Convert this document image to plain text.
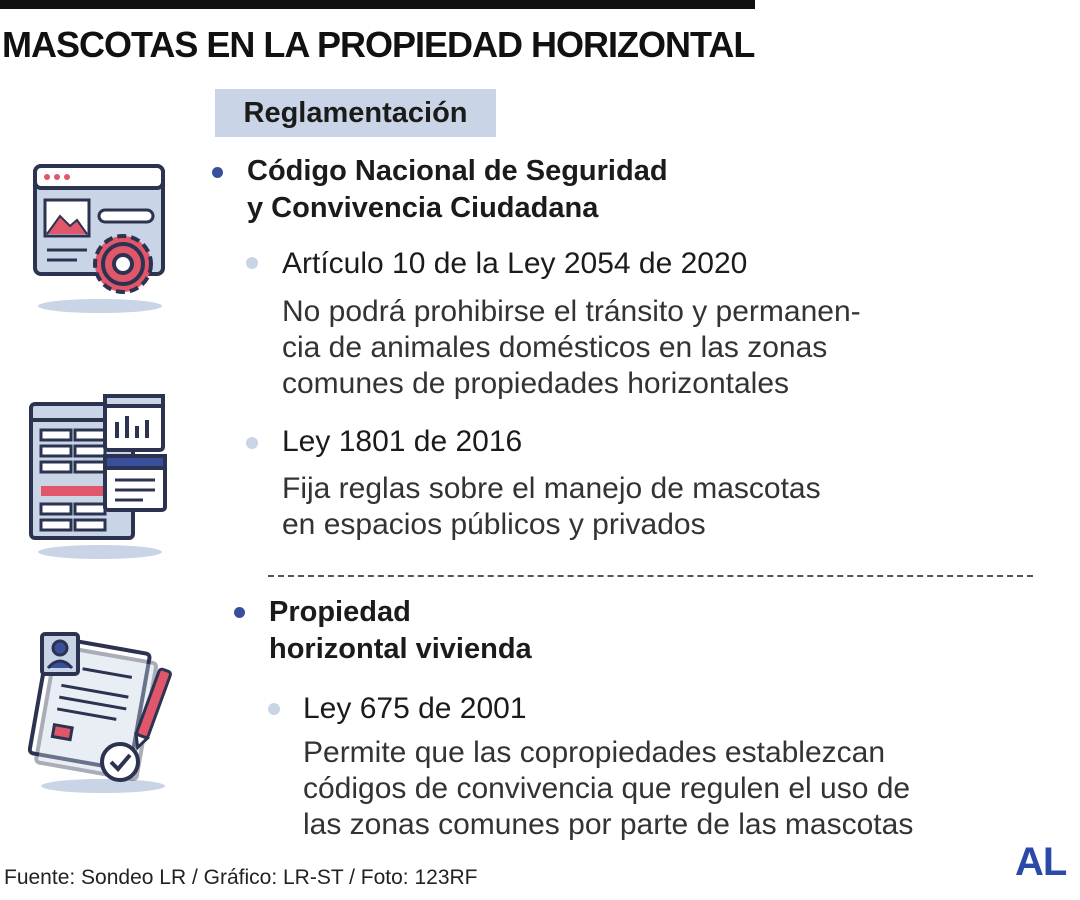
MASCOTAS EN LA PROPIEDAD HORIZONTAL
Reglamentación
Código Nacional de Seguridad
y Convivencia Ciudadana
Artículo 10 de la Ley 2054 de 2020
No podrá prohibirse el tránsito y permanen-
cia de animales domésticos en las zonas
comunes de propiedades horizontales
Ley 1801 de 2016
Fija reglas sobre el manejo de mascotas
en espacios públicos y privados
Propiedad
horizontal vivienda
Ley 675 de 2001
Permite que las copropiedades establezcan
códigos de convivencia que regulen el uso de
las zonas comunes por parte de las mascotas
Fuente: Sondeo LR / Gráfico: LR-ST / Foto: 123RF	AL
